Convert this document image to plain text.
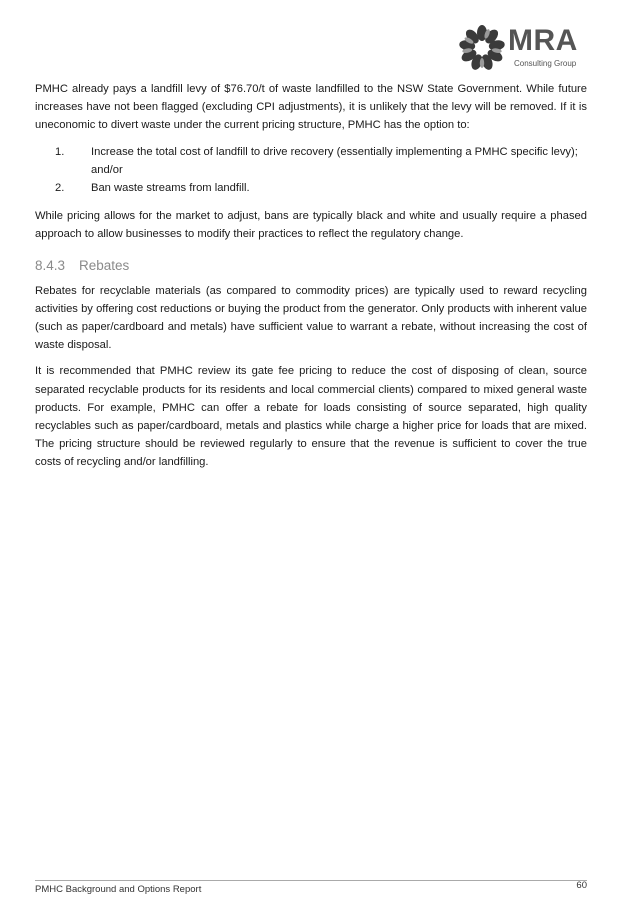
MRA
Consulting Group

PMHC already pays a landfill levy of $76.70/t of waste landfilled to the NSW State Government. While future increases have not been flagged (excluding CPI adjustments), it is unlikely that the levy will be removed. If it is uneconomic to divert waste under the current pricing structure, PMHC has the option to:

1.	Increase the total cost of landfill to drive recovery (essentially implementing a PMHC specific levy); and/or
2.	Ban waste streams from landfill.

While pricing allows for the market to adjust, bans are typically black and white and usually require a phased approach to allow businesses to modify their practices to reflect the regulatory change.

8.4.3 Rebates

Rebates for recyclable materials (as compared to commodity prices) are typically used to reward recycling activities by offering cost reductions or buying the product from the generator. Only products with inherent value (such as paper/cardboard and metals) have sufficient value to warrant a rebate, without increasing the cost of waste disposal.

It is recommended that PMHC review its gate fee pricing to reduce the cost of disposing of clean, source separated recyclable products for its residents and local commercial clients) compared to mixed general waste products. For example, PMHC can offer a rebate for loads consisting of source separated, high quality recyclables such as paper/cardboard, metals and plastics while charge a higher price for loads that are mixed. The pricing structure should be reviewed regularly to ensure that the revenue is sufficient to cover the true costs of recycling and/or landfilling.

PMHC Background and Options Report	60
